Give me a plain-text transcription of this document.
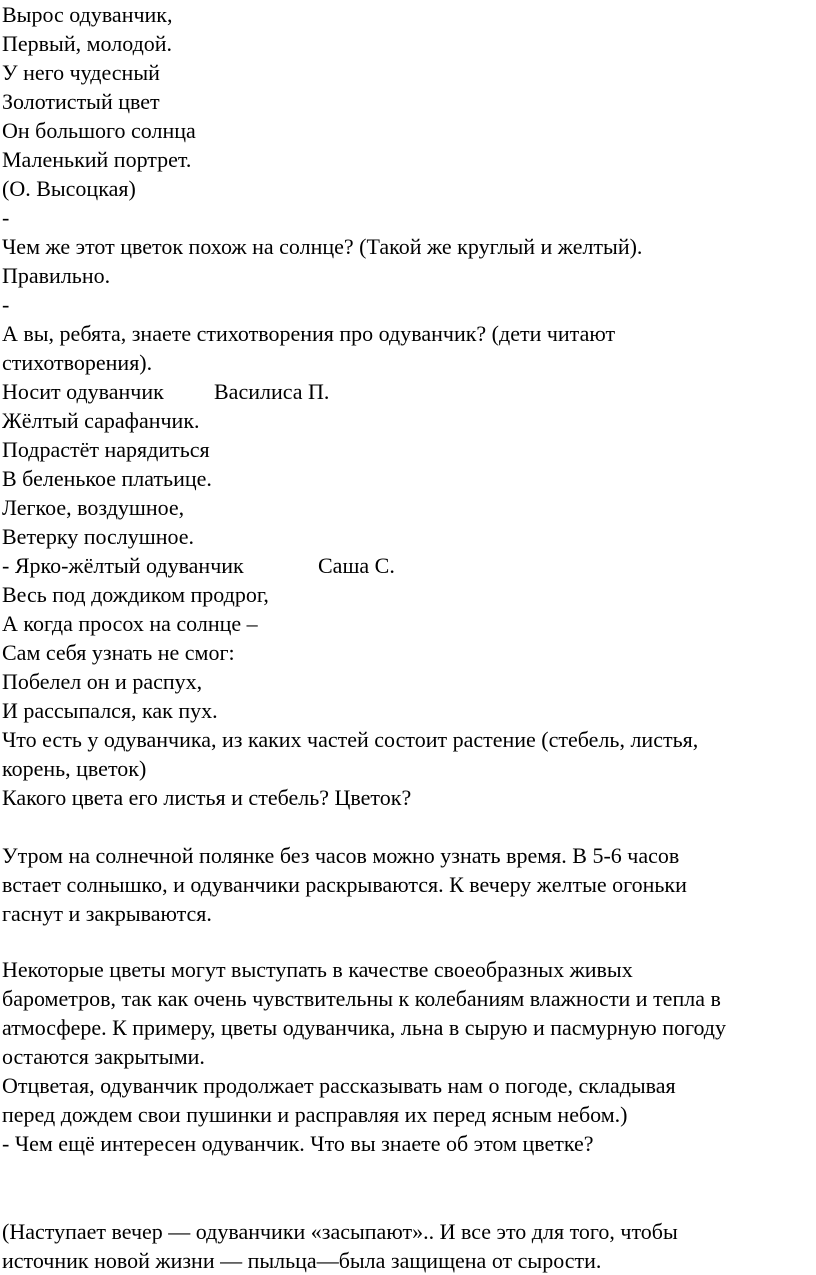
Вырос одуванчик,
Первый, молодой.
У него чудесный
Золотистый цвет
Он большого солнца
Маленький портрет.
(О. Высоцкая)
-
Чем же этот цветок похож на солнце? (Такой же круглый и желтый).
Правильно.
-
А вы, ребята, знаете стихотворения про одуванчик? (дети читают
стихотворения).
Носит одуванчик Василиса П.
Жёлтый сарафанчик.
Подрастёт нарядиться
В беленькое платьице.
Легкое, воздушное,
Ветерку послушное.
- Ярко-жёлтый одуванчик	Саша С.
Весь под дождиком продрог,
А когда просох на солнце –
Сам себя узнать не смог:
Побелел он и распух,
И рассыпался, как пух.
Что есть у одуванчика, из каких частей состоит растение (стебель, листья,
корень, цветок)
Какого цвета его листья и стебель? Цветок?
Утром на солнечной полянке без часов можно узнать время. В 5-6 часов
встает солнышко, и одуванчики раскрываются. К вечеру желтые огоньки
гаснут и закрываются.
Некоторые цветы могут выступать в качестве своеобразных живых
барометров, так как очень чувствительны к колебаниям влажности и тепла в
атмосфере. К примеру, цветы одуванчика, льна в сырую и пасмурную погоду
остаются закрытыми.
Отцветая, одуванчик продолжает рассказывать нам о погоде, складывая
перед дождем свои пушинки и расправляя их перед ясным небом.)
- Чем ещё интересен одуванчик. Что вы знаете об этом цветке?
(Наступает вечер — одуванчики «засыпают».. И все это для того, чтобы
источник новой жизни — пыльца—была защищена от сырости.
